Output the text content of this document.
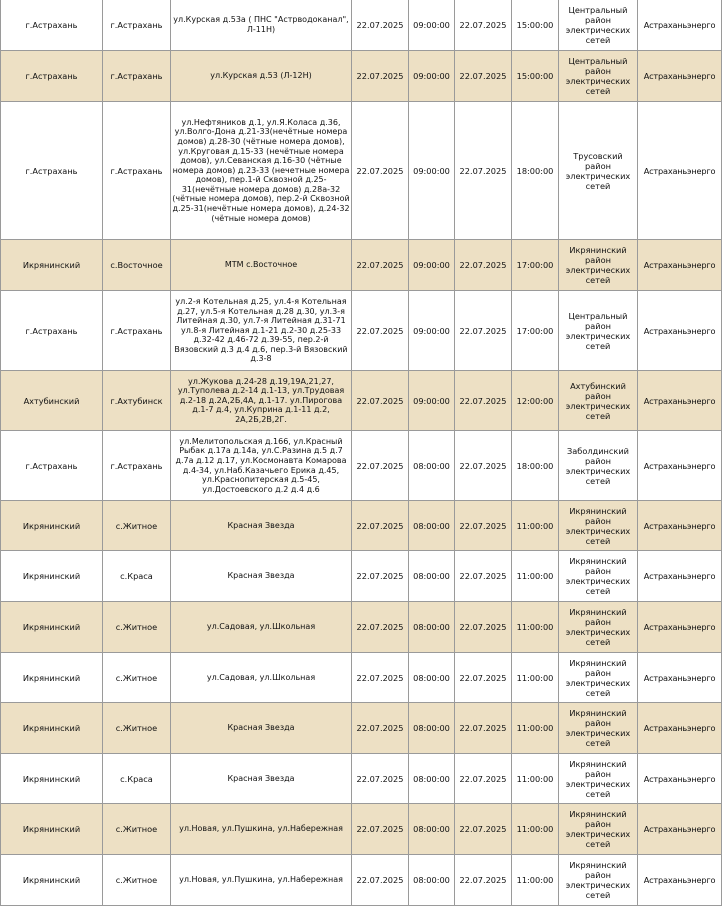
г.Астрахань	г.Астрахань	ул.Курская д.53а ( ПНС "Астрводоканал", Л-11Н)	22.07.2025	09:00:00	22.07.2025	15:00:00	Центральный район электрических сетей	Астраханьэнерго
г.Астрахань	г.Астрахань	ул.Курская д.53 (Л-12Н)	22.07.2025	09:00:00	22.07.2025	15:00:00	Центральный район электрических сетей	Астраханьэнерго
г.Астрахань	г.Астрахань	ул.Нефтяников д.1, ул.Я.Коласа д.36, ул.Волго-Дона д.21-33(нечётные номера домов) д.28-30 (чётные номера домов), ул.Круговая д.15-33 (нечётные номера домов), ул.Севанская д.16-30 (чётные номера домов) д.23-33 (нечетные номера домов), пер.1-й Сквозной д.25-31(нечётные номера домов) д.28а-32 (чётные номера домов), пер.2-й Сквозной д.25-31(нечётные номера домов), д.24-32 (чётные номера домов)	22.07.2025	09:00:00	22.07.2025	18:00:00	Трусовский район электрических сетей	Астраханьэнерго
Икрянинский	с.Восточное	МТМ с.Восточное	22.07.2025	09:00:00	22.07.2025	17:00:00	Икрянинский район электрических сетей	Астраханьэнерго
г.Астрахань	г.Астрахань	ул.2-я Котельная д.25, ул.4-я Котельная д.27, ул.5-я Котельная д.28 д.30, ул.3-я Литейная д.30, ул.7-я Литейная д.31-71 ул.8-я Литейная д.1-21 д.2-30 д.25-33 д.32-42 д.46-72 д.39-55, пер.2-й Вязовский д.3 д.4 д.6, пер.3-й Вязовский д.3-8	22.07.2025	09:00:00	22.07.2025	17:00:00	Центральный район электрических сетей	Астраханьэнерго
Ахтубинский	г.Ахтубинск	ул.Жукова д.24-28 д.19,19А,21,27, ул.Туполева д.2-14 д.1-13, ул.Трудовая д.2-18 д.2А,2Б,4А, д.1-17. ул.Пирогова д.1-7 д.4, ул.Куприна д.1-11 д.2, 2А,2Б,2В,2Г.	22.07.2025	09:00:00	22.07.2025	12:00:00	Ахтубинский район электрических сетей	Астраханьэнерго
г.Астрахань	г.Астрахань	ул.Мелитопольская д.166, ул.Красный Рыбак д.17а д.14а, ул.С.Разина д.5 д.7 д.7а д.12 д.17, ул.Космонавта Комарова д.4-34, ул.Наб.Казачьего Ерика д.45, ул.Краснопитерская д.5-45, ул.Достоевского д.2 д.4 д.6	22.07.2025	08:00:00	22.07.2025	18:00:00	Заболдинский район электрических сетей	Астраханьэнерго
Икрянинский	с.Житное	Красная Звезда	22.07.2025	08:00:00	22.07.2025	11:00:00	Икрянинский район электрических сетей	Астраханьэнерго
Икрянинский	с.Краса	Красная Звезда	22.07.2025	08:00:00	22.07.2025	11:00:00	Икрянинский район электрических сетей	Астраханьэнерго
Икрянинский	с.Житное	ул.Садовая, ул.Школьная	22.07.2025	08:00:00	22.07.2025	11:00:00	Икрянинский район электрических сетей	Астраханьэнерго
Икрянинский	с.Житное	ул.Садовая, ул.Школьная	22.07.2025	08:00:00	22.07.2025	11:00:00	Икрянинский район электрических сетей	Астраханьэнерго
Икрянинский	с.Житное	Красная Звезда	22.07.2025	08:00:00	22.07.2025	11:00:00	Икрянинский район электрических сетей	Астраханьэнерго
Икрянинский	с.Краса	Красная Звезда	22.07.2025	08:00:00	22.07.2025	11:00:00	Икрянинский район электрических сетей	Астраханьэнерго
Икрянинский	с.Житное	ул.Новая, ул.Пушкина, ул.Набережная	22.07.2025	08:00:00	22.07.2025	11:00:00	Икрянинский район электрических сетей	Астраханьэнерго
Икрянинский	с.Житное	ул.Новая, ул.Пушкина, ул.Набережная	22.07.2025	08:00:00	22.07.2025	11:00:00	Икрянинский район электрических сетей	Астраханьэнерго
